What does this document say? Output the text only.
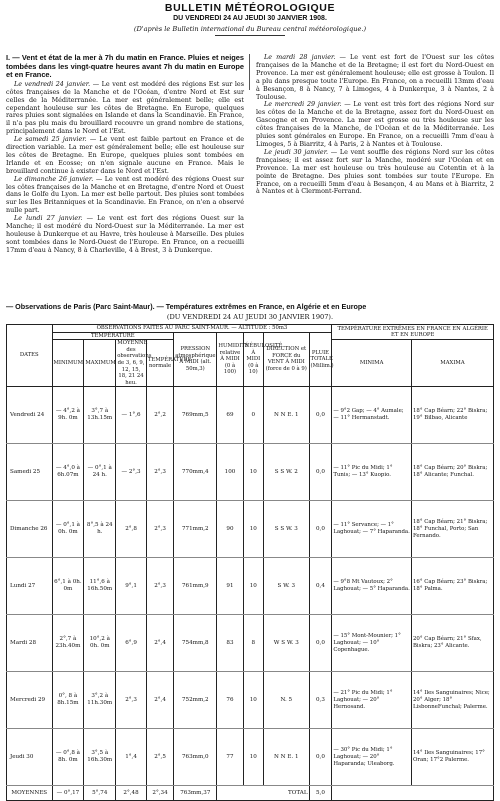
BULLETIN MÉTÉOROLOGIQUE
DU VENDREDI 24 AU JEUDI 30 JANVIER 1908.
(D'après le Bulletin international du Bureau central météorologique.)
I. — Vent et état de la mer à 7h du matin en France. Pluies et neiges tombées dans les vingt-quatre heures avant 7h du matin en Europe et en France.

Le vendredi 24 janvier. — Le vent est modéré des régions Est sur les côtes françaises de la Manche et de l'Océan, d'entre Nord et Est sur celles de la Méditerranée. La mer est généralement belle; elle est cependant houleuse sur les côtes de Bretagne. En Europe, quelques rares pluies sont signalées en Islande et dans la Scandinavie. En France, il n'a pas plu mais du brouillard recouvre un grand nombre de stations, principalement dans le Nord et l'Est.

Le samedi 25 janvier. — Le vent est faible partout en France et de direction variable. La mer est généralement belle; elle est houleuse sur les côtes de Bretagne. En Europe, quelques pluies sont tombées en Irlande et en Ecosse; on n'en signale aucune en France. Mais le brouillard continue à exister dans le Nord et l'Est.

Le dimanche 26 janvier. — Le vent est modéré des régions Ouest sur les côtes françaises de la Manche et en Bretagne, d'entre Nord et Ouest dans le Golfe du Lyon. La mer est belle partout. Des pluies sont tombées sur les Iles Britanniques et la Scandinavie. En France, on n'en a observé nulle part.

Le lundi 27 janvier. — Le vent est fort des régions Ouest sur la Manche; il est modéré du Nord-Ouest sur la Méditerranée. La mer est houleuse à Dunkerque et au Havre, très houleuse à Marseille. Des pluies sont tombées dans le Nord-Ouest de l'Europe. En France, on a recueilli 17mm d'eau à Nancy, 8 à Charleville, 4 à Brest, 3 à Dunkerque.

Le mardi 28 janvier. — Le vent est fort de l'Ouest sur les côtes françaises de la Manche et de la Bretagne; il est fort du Nord-Ouest en Provence. La mer est généralement houleuse; elle est grosse à Toulon. Il a plu dans presque toute l'Europe. En France, on a recueilli 13mm d'eau à Besançon, 8 à Nancy, 7 à Limoges, 4 à Dunkerque, 3 à Nantes, 2 à Toulouse.

Le mercredi 29 janvier. — Le vent est très fort des régions Nord sur les côtes de la Manche et de la Bretagne, assez fort du Nord-Ouest en Gascogne et en Provence. La mer est grosse ou très houleuse sur les côtes françaises de la Manche, de l'Océan et de la Méditerranée. Les pluies sont générales en Europe. En France, on a recueilli 7mm d'eau à Limoges, 5 à Biarritz, 4 à Paris, 2 à Nantes et à Toulouse.

Le jeudi 30 janvier. — Le vent souffle des régions Nord sur les côtes françaises; il est assez fort sur la Manche, modéré sur l'Océan et en Provence. La mer est houleuse ou très houleuse au Cotentin et à la pointe de Bretagne. Des pluies sont tombées sur toute l'Europe. En France, on a recueilli 5mm d'eau à Besançon, 4 au Mans et à Biarritz, 2 à Nantes et à Clermont-Ferrand.

— Observations de Paris (Parc Saint-Maur). — Températures extrêmes en France, en Algérie et en Europe
(DU VENDREDI 24 AU JEUDI 30 JANVIER 1907).
DATES	OBSERVATIONS FAITES AU PARC SAINT-MAUR. — ALTITUDE : 50m3									TEMPÉRATURE EXTRÊMES EN FRANCE EN ALGÉRIE ET EN EUROPE	
	TEMPÉRATURE				PRESSION atmosphérique À MIDI (alt. 50m,3)	HUMIDITÉ relative À MIDI (0 à 100)	NÉBULOSITÉ À MIDI (0 à 10)	DIRECTION et FORCE du VENT À MIDI (force de 0 à 9)	PLUIE TOTALE (Millim.)		
	MINIMUM	MAXIMUM	MOYENNE des observations de 3, 6, 9, 12, 15, 18, 21 24 heu.	TEMPÉRATURE normale						MINIMA	MAXIMA
Vendredi 24	— 4°,2 à 9h. 0m	3°,7 à 13h.15m	— 1°,6	2°,2	769mm,5	69	0	N N E. 1	0,0	— 9°2 Gap; — 4° Aumale; — 11° Hermanstadt.	18° Cap Béarn; 22° Biskra; 19° Bilbao, Alicante
Samedi 25	— 4°,0 à 6h.07m	— 0°,1 à 24 h.	— 2°,3	2°,3	770mm,4	100	10	S S W. 2	0,0	— 11° Pic du Midi; 1° Tunis; — 13° Kuopio.	18° Cap Béarn; 20° Biskra; 18° Alicante; Funchal.
Dimanche 26	— 0°,1 à 0h. 0m	8°,5 à 24 h.	2°,8	2°,3	771mm,2	90	10	S S W. 3	0,0	— 11° Servance; — 1° Laghouat; — 7° Haparanda.	18° Cap Béarn; 21° Biskra; 18° Funchal, Porto; San Fernando.
Lundi 27	6°,1 à 0h. 0m	11°,6 à 16h.50m	9°,1	2°,3	761mm,9	91	10	S W. 3	0,4	— 9°8 Mt Vautoux; 2° Laghouat; — 5° Haparanda.	16° Cap Béarn; 23° Biskra; 18° Palma.
Mardi 28	2°,7 à 23h.40m	10°,2 à 0h. 0m	6°,9	2°,4	754mm,8	83	8	W S W. 3	0,0	— 15° Mont-Mounier; 1° Laghouat; — 10° Copenhague.	20° Cap Béarn; 21° Sfax, Biskra; 23° Alicante.
Mercredi 29	0°, 8 à 8h.15m	3°,2 à 11h.30m	2°,3	2°,4	752mm,2	76	10	N. 5	0,3	— 21° Pic du Midi; 1° Laghouat; — 20° Hernosand.	14° Iles Sanguinaires; Nice; 20° Alger; 18° LisbonneFunchal; Palerme.
Jeudi 30	— 0°,8 à 8h. 0m	3°,5 à 16h.30m	1°,4	2°,5	763mm,0	77	10	N N E. 1	0,0	— 30° Pic du Midi; 1° Laghouat; — 20° Haparanda; Uleaborg.	14° Iles Sanguinaires; 17° Oran; 17°2 Palerme.
MOYENNES	— 0°,17	5°,74	2°,48	2°,34	763mm,37	TOTAL			5,0		
